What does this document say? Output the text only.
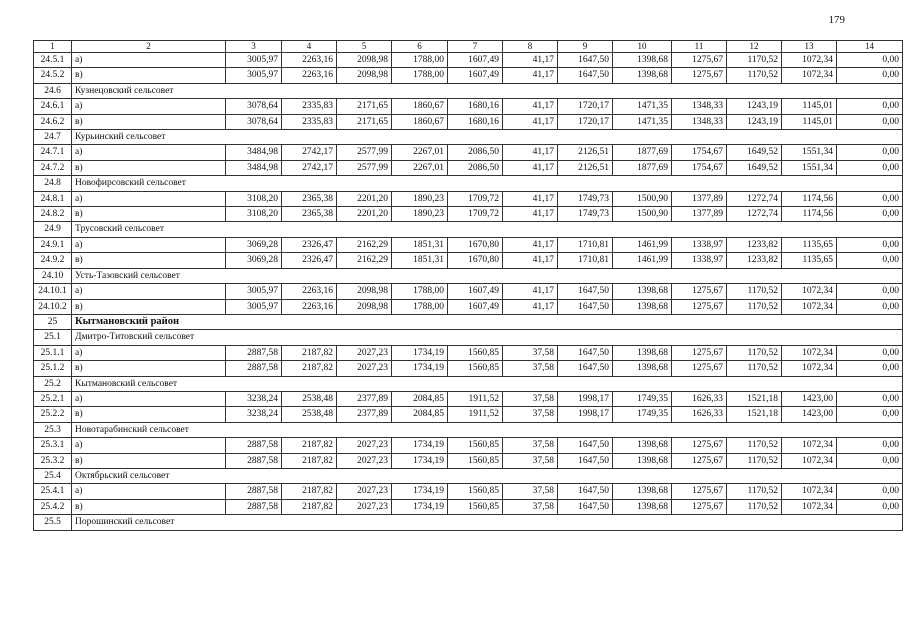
179
1	2	3	4	5	6	7	8	9	10	11	12	13	14
24.5.1	а)	3005,97	2263,16	2098,98	1788,00	1607,49	41,17	1647,50	1398,68	1275,67	1170,52	1072,34	0,00
24.5.2	в)	3005,97	2263,16	2098,98	1788,00	1607,49	41,17	1647,50	1398,68	1275,67	1170,52	1072,34	0,00
24.6	Кузнецовский сельсовет												
24.6.1	а)	3078,64	2335,83	2171,65	1860,67	1680,16	41,17	1720,17	1471,35	1348,33	1243,19	1145,01	0,00
24.6.2	в)	3078,64	2335,83	2171,65	1860,67	1680,16	41,17	1720,17	1471,35	1348,33	1243,19	1145,01	0,00
24.7	Курьинский сельсовет												
24.7.1	а)	3484,98	2742,17	2577,99	2267,01	2086,50	41,17	2126,51	1877,69	1754,67	1649,52	1551,34	0,00
24.7.2	в)	3484,98	2742,17	2577,99	2267,01	2086,50	41,17	2126,51	1877,69	1754,67	1649,52	1551,34	0,00
24.8	Новофирсовский сельсовет												
24.8.1	а)	3108,20	2365,38	2201,20	1890,23	1709,72	41,17	1749,73	1500,90	1377,89	1272,74	1174,56	0,00
24.8.2	в)	3108,20	2365,38	2201,20	1890,23	1709,72	41,17	1749,73	1500,90	1377,89	1272,74	1174,56	0,00
24.9	Трусовский сельсовет												
24.9.1	а)	3069,28	2326,47	2162,29	1851,31	1670,80	41,17	1710,81	1461,99	1338,97	1233,82	1135,65	0,00
24.9.2	в)	3069,28	2326,47	2162,29	1851,31	1670,80	41,17	1710,81	1461,99	1338,97	1233,82	1135,65	0,00
24.10	Усть-Тазовский сельсовет												
24.10.1	а)	3005,97	2263,16	2098,98	1788,00	1607,49	41,17	1647,50	1398,68	1275,67	1170,52	1072,34	0,00
24.10.2	в)	3005,97	2263,16	2098,98	1788,00	1607,49	41,17	1647,50	1398,68	1275,67	1170,52	1072,34	0,00
25	Кытмановский район												
25.1	Дмитро-Титовский сельсовет												
25.1.1	а)	2887,58	2187,82	2027,23	1734,19	1560,85	37,58	1647,50	1398,68	1275,67	1170,52	1072,34	0,00
25.1.2	в)	2887,58	2187,82	2027,23	1734,19	1560,85	37,58	1647,50	1398,68	1275,67	1170,52	1072,34	0,00
25.2	Кытмановский сельсовет												
25.2.1	а)	3238,24	2538,48	2377,89	2084,85	1911,52	37,58	1998,17	1749,35	1626,33	1521,18	1423,00	0,00
25.2.2	в)	3238,24	2538,48	2377,89	2084,85	1911,52	37,58	1998,17	1749,35	1626,33	1521,18	1423,00	0,00
25.3	Новотарабинский сельсовет												
25.3.1	а)	2887,58	2187,82	2027,23	1734,19	1560,85	37,58	1647,50	1398,68	1275,67	1170,52	1072,34	0,00
25.3.2	в)	2887,58	2187,82	2027,23	1734,19	1560,85	37,58	1647,50	1398,68	1275,67	1170,52	1072,34	0,00
25.4	Октябрьский сельсовет												
25.4.1	а)	2887,58	2187,82	2027,23	1734,19	1560,85	37,58	1647,50	1398,68	1275,67	1170,52	1072,34	0,00
25.4.2	в)	2887,58	2187,82	2027,23	1734,19	1560,85	37,58	1647,50	1398,68	1275,67	1170,52	1072,34	0,00
25.5	Порошинский сельсовет												
